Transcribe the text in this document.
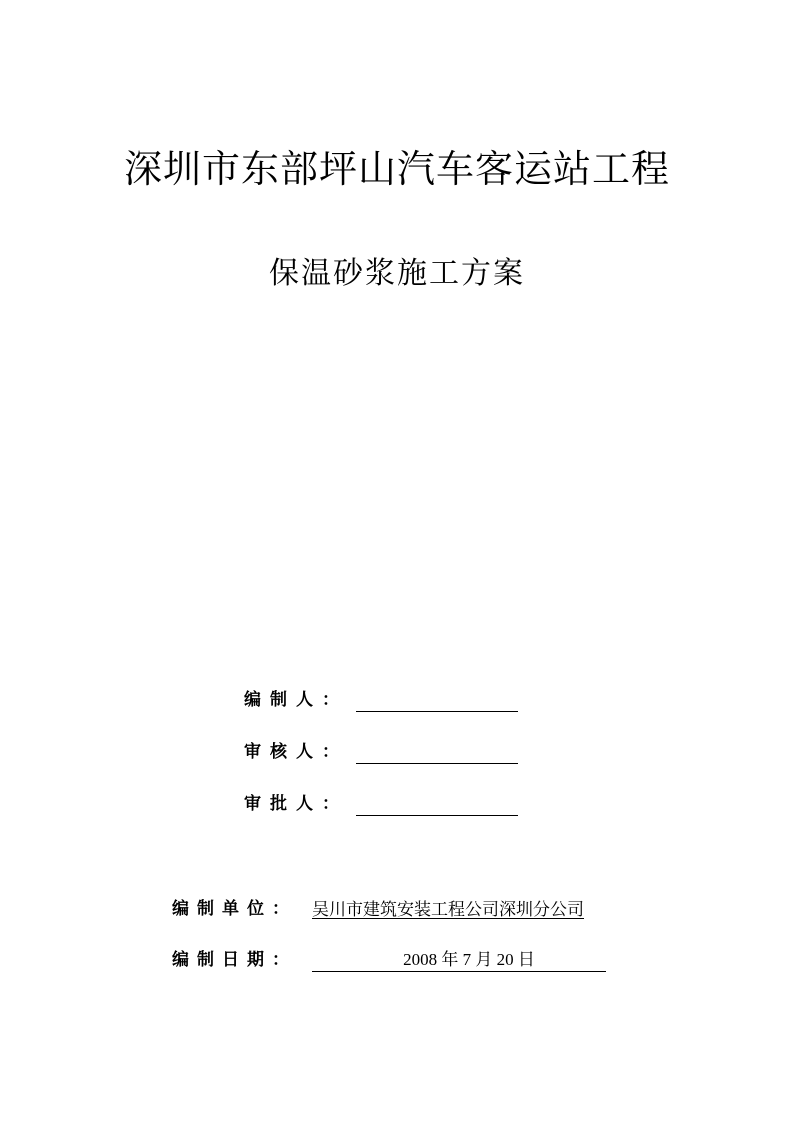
深圳市东部坪山汽车客运站工程
保温砂浆施工方案
编制人：
审核人：
审批人：
编制单位： 吴川市建筑安装工程公司深圳分公司
编制日期：	2008 年 7 月 20 日
